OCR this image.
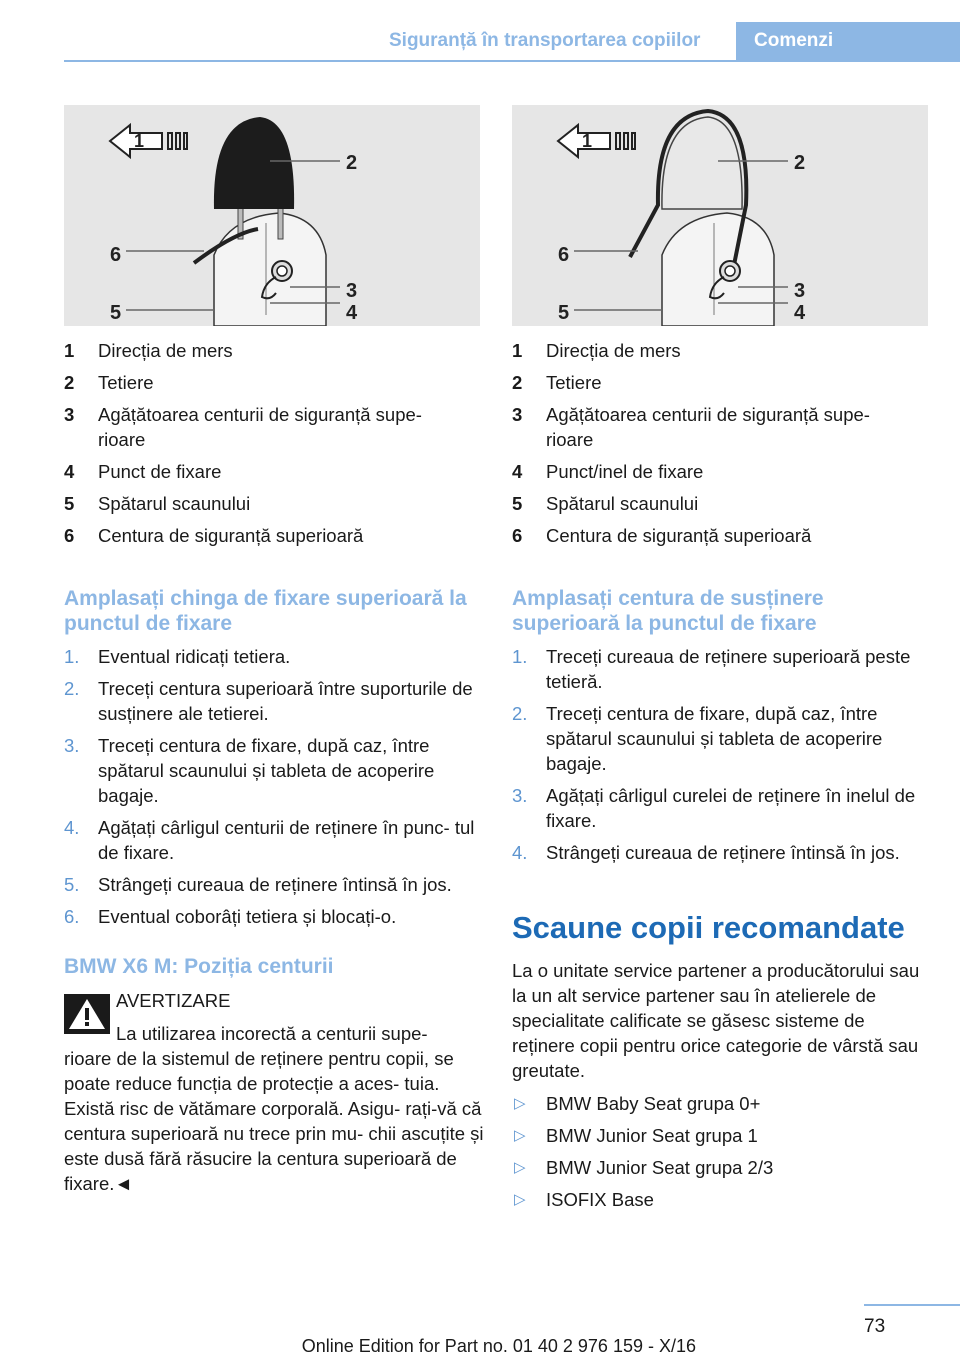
Siguranță în transportarea copiilor	Comenzi
1
2
6
3
5	4
1
2
6
3
5	4
1 Direcția de mers
2 Tetiere
3 Agățătoarea centurii de siguranță supe‐
rioare
4 Punct de fixare
5 Spătarul scaunului
6 Centura de siguranță superioară
1 Direcția de mers
2 Tetiere
3 Agățătoarea centurii de siguranță supe‐
rioare
4 Punct/inel de fixare
5 Spătarul scaunului
6 Centura de siguranță superioară
Amplasați chinga de fixare superioară la punctul de fixare
1. Eventual ridicați tetiera.
2. Treceți centura superioară între suporturile de susținere ale tetierei.
3. Treceți centura de fixare, după caz, între spătarul scaunului și tableta de acoperire bagaje.
4. Agățați cârligul centurii de reținere în punc‐ tul de fixare.
5. Strângeți cureaua de reținere întinsă în jos.
6. Eventual coborâți tetiera și blocați-o.
BMW X6 M: Poziția centurii
AVERTIZARE
La utilizarea incorectă a centurii supe‐
rioare de la sistemul de reținere pentru copii, se poate reduce funcția de protecție a aces‐ tuia. Există risc de vătămare corporală. Asigu‐ rați-vă că centura superioară nu trece prin mu‐ chii ascuțite și este dusă fără răsucire la centura superioară de fixare.◄
Amplasați centura de susținere superioară la punctul de fixare
1. Treceți cureaua de reținere superioară peste tetieră.
2. Treceți centura de fixare, după caz, între spătarul scaunului și tableta de acoperire bagaje.
3. Agățați cârligul curelei de reținere în inelul de fixare.
4. Strângeți cureaua de reținere întinsă în jos.
Scaune copii recomandate
La o unitate service partener a producătorului sau la un alt service partener sau în atelierele de specialitate calificate se găsesc sisteme de reținere copii pentru orice categorie de vârstă sau greutate.
▷ BMW Baby Seat grupa 0+
▷ BMW Junior Seat grupa 1
▷ BMW Junior Seat grupa 2/3
▷ ISOFIX Base
73
Online Edition for Part no. 01 40 2 976 159 - X/16
